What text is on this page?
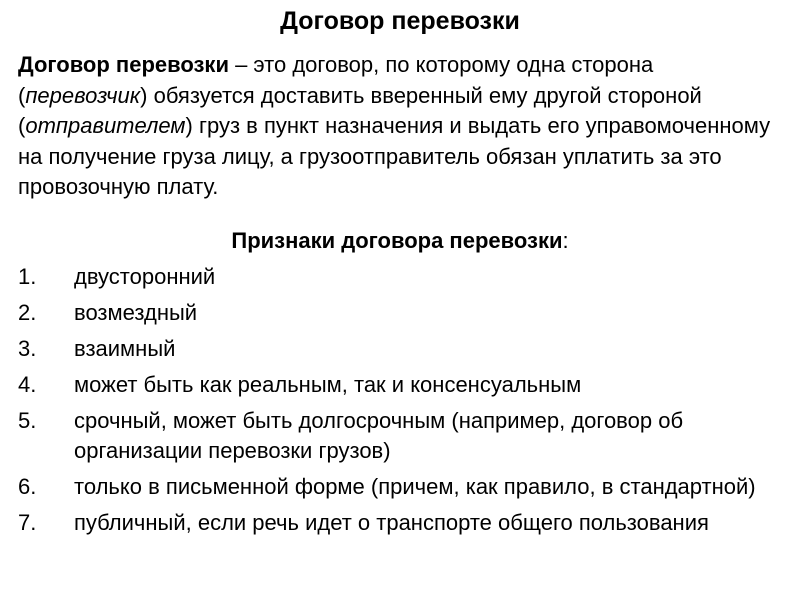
Договор перевозки
Договор перевозки – это договор, по которому одна сторона (перевозчик) обязуется доставить вверенный ему другой стороной (отправителем) груз в пункт назначения и выдать его управомоченному на получение груза лицу, а грузоотправитель обязан уплатить за это провозочную плату.
Признаки договора перевозки:
1. двусторонний
2. возмездный
3. взаимный
4. может быть как реальным, так и консенсуальным
5. срочный, может быть долгосрочным (например, договор об организации перевозки грузов)
6. только в письменной форме (причем, как правило, в стандартной)
7. публичный, если речь идет о транспорте общего пользования
